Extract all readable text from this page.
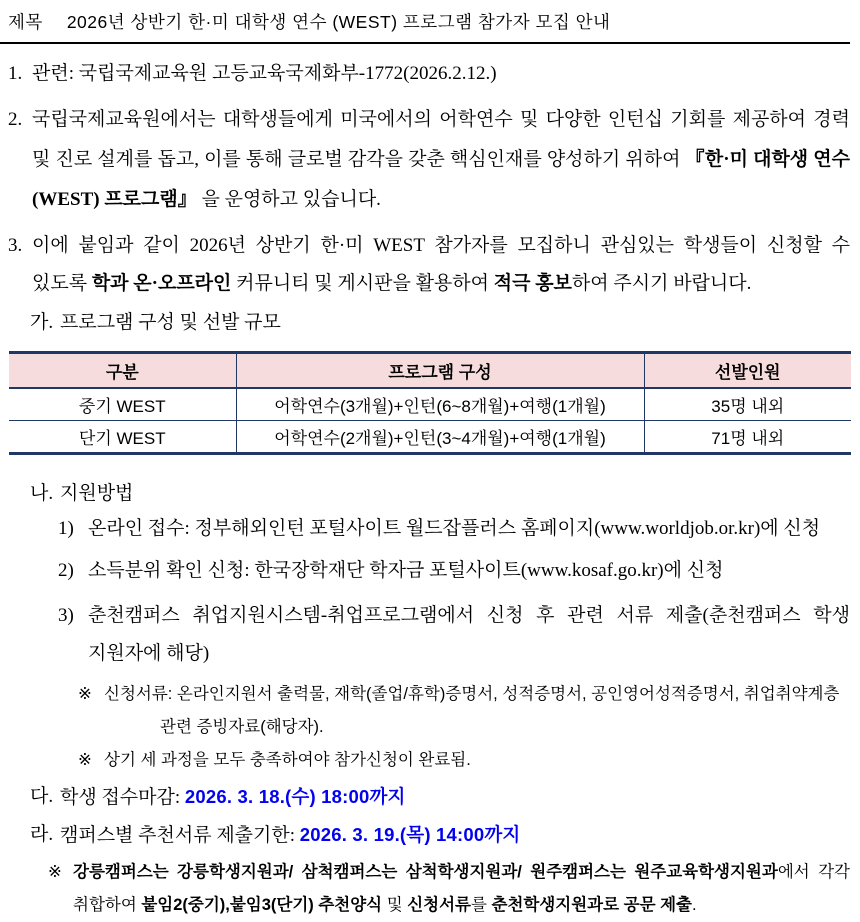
제목 2026년 상반기 한·미 대학생 연수 (WEST) 프로그램 참가자 모집 안내
1. 관련: 국립국제교육원 고등교육국제화부-1772(2026.2.12.)
2. 국립국제교육원에서는 대학생들에게 미국에서의 어학연수 및 다양한 인턴십 기회를 제공하여 경력 및 진로 설계를 돕고, 이를 통해 글로벌 감각을 갖춘 핵심인재를 양성하기 위하여 『한·미 대학생 연수(WEST) 프로그램』 을 운영하고 있습니다.
3. 이에 붙임과 같이 2026년 상반기 한·미 WEST 참가자를 모집하니 관심있는 학생들이 신청할 수 있도록 학과 온·오프라인 커뮤니티 및 게시판을 활용하여 적극 홍보하여 주시기 바랍니다.
가. 프로그램 구성 및 선발 규모
구분	프로그램 구성	선발인원
중기 WEST	어학연수(3개월)+인턴(6~8개월)+여행(1개월)	35명 내외
단기 WEST	어학연수(2개월)+인턴(3~4개월)+여행(1개월)	71명 내외
나. 지원방법
1) 온라인 접수: 정부해외인턴 포털사이트 월드잡플러스 홈페이지(www.worldjob.or.kr)에 신청
2) 소득분위 확인 신청: 한국장학재단 학자금 포털사이트(www.kosaf.go.kr)에 신청
3) 춘천캠퍼스 취업지원시스템-취업프로그램에서 신청 후 관련 서류 제출(춘천캠퍼스 학생 지원자에 해당)
※ 신청서류: 온라인지원서 출력물, 재학(졸업/휴학)증명서, 성적증명서, 공인영어성적증명서, 취업취약계층 관련 증빙자료(해당자).
※ 상기 세 과정을 모두 충족하여야 참가신청이 완료됨.
다. 학생 접수마감: 2026. 3. 18.(수) 18:00까지
라. 캠퍼스별 추천서류 제출기한: 2026. 3. 19.(목) 14:00까지
※ 강릉캠퍼스는 강릉학생지원과/ 삼척캠퍼스는 삼척학생지원과/ 원주캠퍼스는 원주교육학생지원과에서 각각 취합하여 붙임2(중기),붙임3(단기) 추천양식 및 신청서류를 춘천학생지원과로 공문 제출.
